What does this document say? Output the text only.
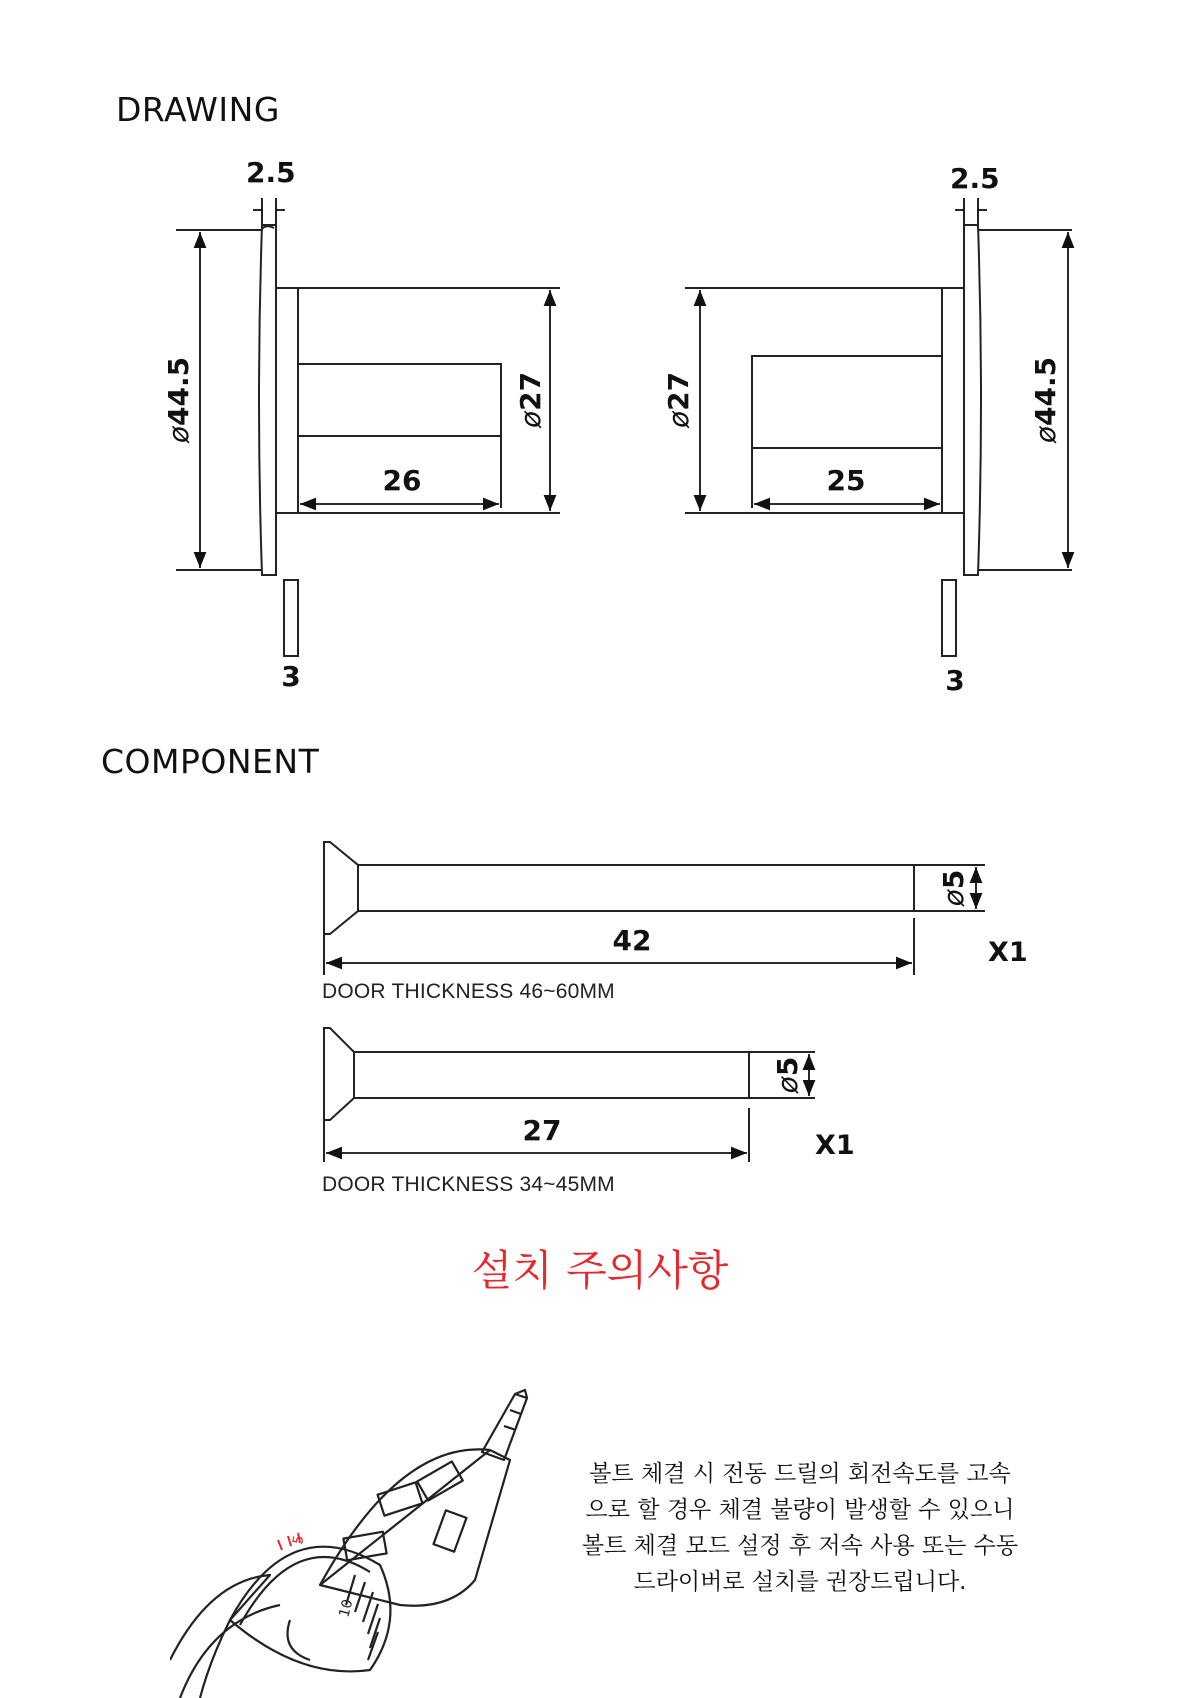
DRAWING
COMPONENT
2.5
ø44.5	ø27
26
3
2.5
ø44.5
ø27
25
3
42
ø5
27
ø5
X1
DOOR THICKNESS 46~60MM
X1
DOOR THICKNESS 34~45MM
설치 주의사항
5
10
볼트 체결 시 전동 드릴의 회전속도를 고속
으로 할 경우 체결 불량이 발생할 수 있으니
볼트 체결 모드 설정 후 저속 사용 또는 수동
드라이버로 설치를 권장드립니다.
